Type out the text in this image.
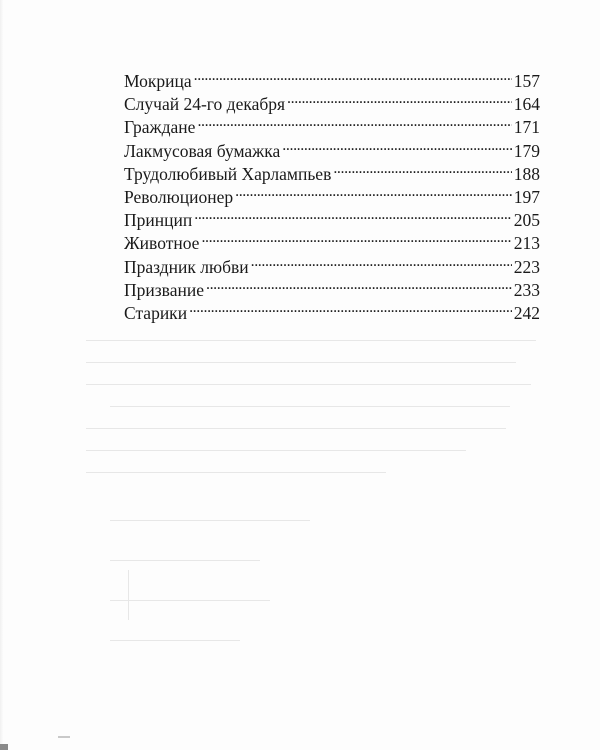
Мокрица . . .	157
Случай 24-го декабря . . .	164
Граждане . . .	171
Лакмусовая бумажка . . .	179
Трудолюбивый Харлампьев . . .	188
Революционер . . .	197
Принцип . . .	205
Животное . . .	213
Праздник любви . . .	223
Призвание . . .	233
Старики . . .	242
